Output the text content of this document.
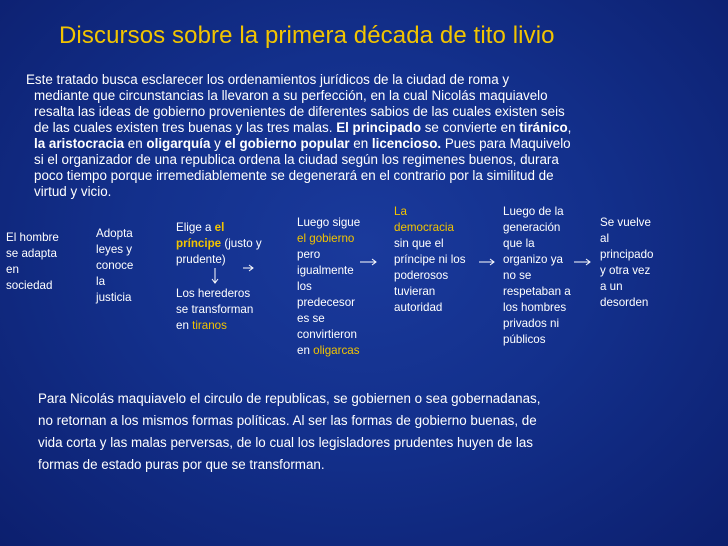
Discursos sobre la primera década de tito livio
Este tratado busca esclarecer los ordenamientos jurídicos de la ciudad de roma y
mediante que circunstancias la llevaron a su perfección, en la cual Nicolás maquiavelo
resalta las ideas de gobierno provenientes de diferentes sabios de las cuales existen seis
de las cuales existen tres buenas y las tres malas. El principado se convierte en tiránico,
la aristocracia en oligarquía y el gobierno popular en licencioso. Pues para Maquivelo
si el organizador de una republica ordena la ciudad según los regimenes buenos, durara
poco tiempo porque irremediablemente se degenerará en el contrario por la similitud de
virtud y vicio.
El hombre
se adapta
en
sociedad
Adopta
leyes y
conoce
la
justicia
Elige a el
príncipe (justo y
prudente)
Los herederos
se transforman
en tiranos
Luego sigue
el gobierno
pero
igualmente
los
predecesor
es se
convirtieron
en oligarcas
La
democracia
sin que el
príncipe ni los
poderosos
tuvieran
autoridad
Luego de la
generación
que la
organizo ya
no se
respetaban a
los hombres
privados ni
públicos
Se vuelve
al
principado
y otra vez
a un
desorden
Para Nicolás maquiavelo el circulo de republicas, se gobiernen o sea gobernadanas,
no retornan a los mismos formas políticas. Al ser las formas de gobierno buenas, de
vida corta y las malas perversas, de lo cual los legisladores prudentes huyen de las
formas de estado puras por que se transforman.
